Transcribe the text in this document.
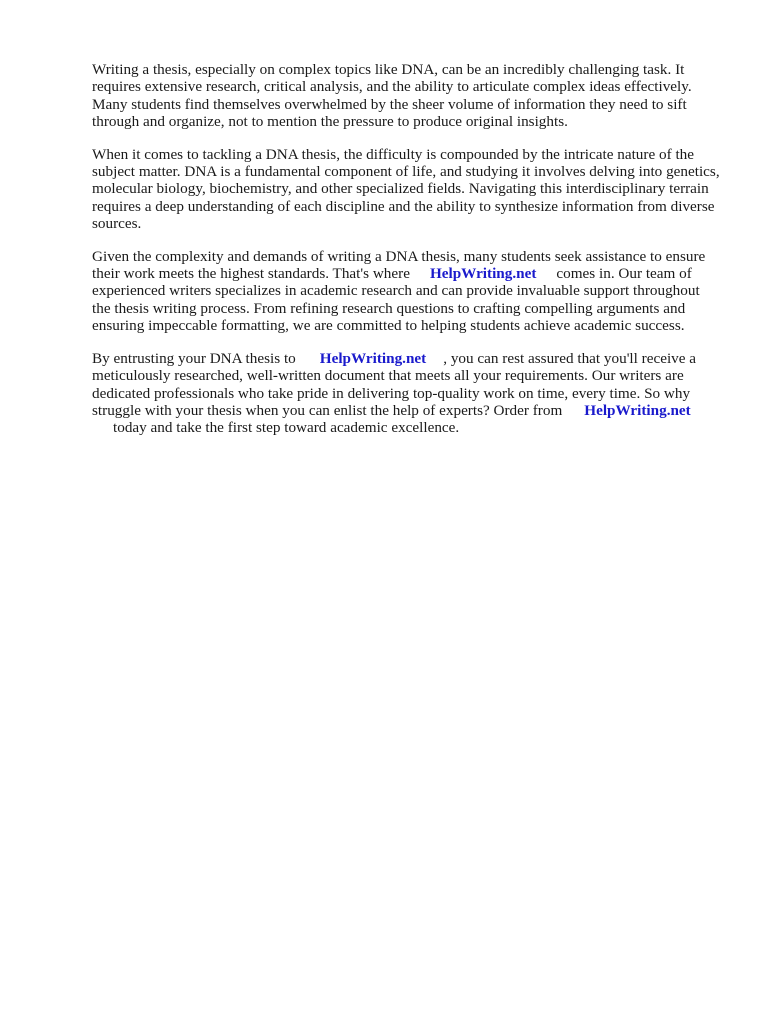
Writing a thesis, especially on complex topics like DNA, can be an incredibly challenging task. It requires extensive research, critical analysis, and the ability to articulate complex ideas effectively. Many students find themselves overwhelmed by the sheer volume of information they need to sift through and organize, not to mention the pressure to produce original insights.

When it comes to tackling a DNA thesis, the difficulty is compounded by the intricate nature of the subject matter. DNA is a fundamental component of life, and studying it involves delving into genetics, molecular biology, biochemistry, and other specialized fields. Navigating this interdisciplinary terrain requires a deep understanding of each discipline and the ability to synthesize information from diverse sources.

Given the complexity and demands of writing a DNA thesis, many students seek assistance to ensure their work meets the highest standards. That's where HelpWriting.net comes in. Our team of experienced writers specializes in academic research and can provide invaluable support throughout the thesis writing process. From refining research questions to crafting compelling arguments and ensuring impeccable formatting, we are committed to helping students achieve academic success.

By entrusting your DNA thesis to HelpWriting.net , you can rest assured that you'll receive a meticulously researched, well-written document that meets all your requirements. Our writers are dedicated professionals who take pride in delivering top-quality work on time, every time. So why struggle with your thesis when you can enlist the help of experts? Order from HelpWriting.net
today and take the first step toward academic excellence.
